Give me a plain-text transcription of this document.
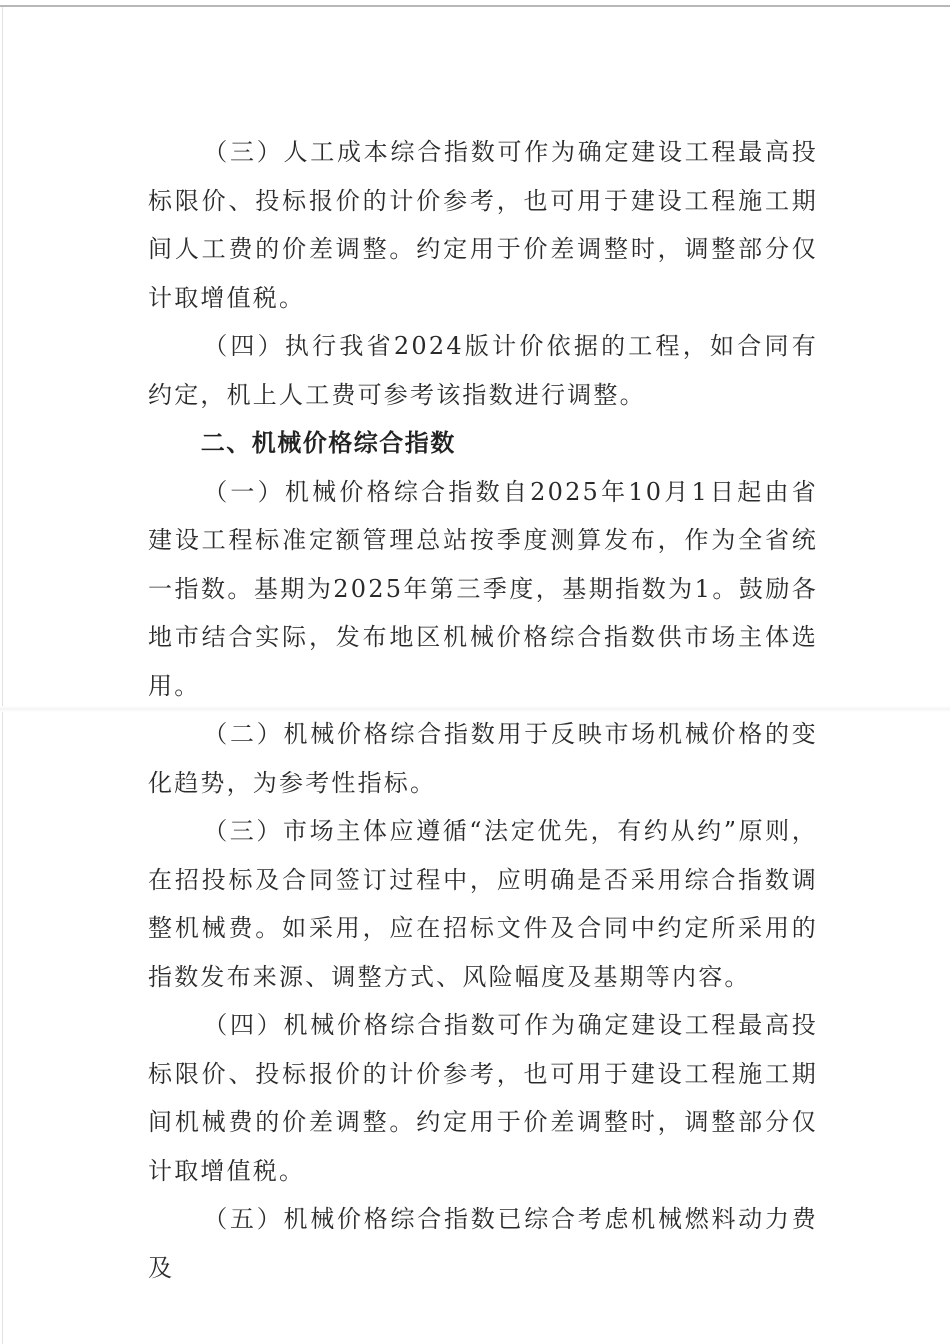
（三）人工成本综合指数可作为确定建设工程最高投标限价、投标报价的计价参考，也可用于建设工程施工期间人工费的价差调整。约定用于价差调整时，调整部分仅计取增值税。

（四）执行我省2024版计价依据的工程，如合同有约定，机上人工费可参考该指数进行调整。

二、机械价格综合指数

（一）机械价格综合指数自2025年10月1日起由省建设工程标准定额管理总站按季度测算发布，作为全省统一指数。基期为2025年第三季度，基期指数为1。鼓励各地市结合实际，发布地区机械价格综合指数供市场主体选用。

（二）机械价格综合指数用于反映市场机械价格的变化趋势，为参考性指标。

（三）市场主体应遵循“法定优先，有约从约”原则，在招投标及合同签订过程中，应明确是否采用综合指数调整机械费。如采用，应在招标文件及合同中约定所采用的指数发布来源、调整方式、风险幅度及基期等内容。

（四）机械价格综合指数可作为确定建设工程最高投标限价、投标报价的计价参考，也可用于建设工程施工期间机械费的价差调整。约定用于价差调整时，调整部分仅计取增值税。

（五）机械价格综合指数已综合考虑机械燃料动力费及
